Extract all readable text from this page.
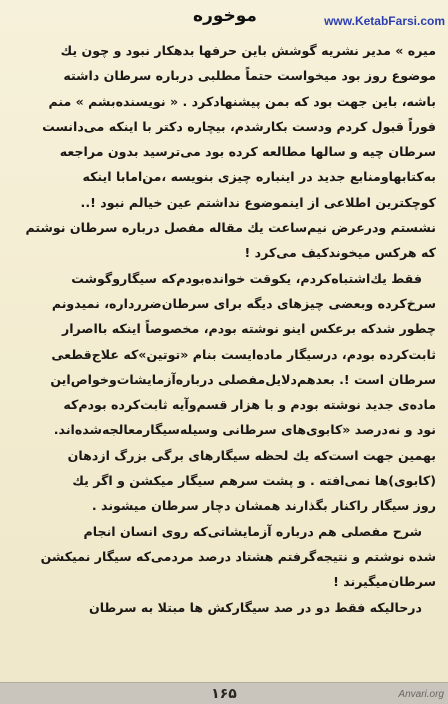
موخوره	www.KetabFarsi.com
میره » مدیر نشریه گوشش باین حرفها بدهکار نبود و چون یك
موضوع روز بود میخواست حتماً مطلبی درباره سرطان داشته
باشه، باین جهت بود که بمن پیشنهادکرد . « نویسنده‌بشم » منم
فوراً قبول کردم ودست بکارشدم، بیچاره دکتر با اینکه می‌دانست
سرطان چیه و سالها مطالعه کرده بود می‌ترسید بدون مراجعه
به‌کتابهاومنابع جدید در اینباره چیزی بنویسه ،من‌امابا اینکه
کوچکترین اطلاعی از اینموضوع نداشتم عین خیالم نبود !..
نشستم ودرعرض نیم‌ساعت یك مقاله مفصل درباره سرطان نوشتم
که هرکس میخوندکیف می‌کرد !
فقط یك‌اشتباه‌کردم، یکوقت خوانده‌بودم‌که سیگاروگوشت
سرخ‌کرده وبعضی چیزهای دیگه برای سرطان‌ضرر‌داره، نمیدونم
چطور شدکه برعکس اینو نوشته بودم، مخصوصاً اینکه بااصرار
ثابت‌کرده بودم، درسیگار ماده‌ایست بنام «توتین»که علاج‌قطعی
سرطان است !. بعدهم‌دلایل‌مفصلی درباره‌آزمایشات‌وخواص‌این
ماده‌ی جدید نوشته بودم و با هزار قسم‌وآیه ثابت‌کرده بودم‌که
نود و نه‌درصد «کابوی‌های سرطانی وسیله‌سیگارمعالجه‌شده‌اند.
بهمین جهت است‌که یك لحظه سیگارهای برگی بزرگ ازدهان
(کابوی)ها نمی‌افته . و پشت سرهم سیگار میکشن و اگر یك
روز سیگار راکنار بگذارند همشان دچار سرطان میشوند .
شرح مفصلی هم درباره آزمایشاتی‌که روی انسان انجام
شده نوشتم و نتیجه‌گرفتم هشتاد درصد مردمی‌که سیگار نمیکشن
سرطان‌میگیرند !
درحالیکه فقط دو در صد سیگارکش ها مبتلا به سرطان
۱۶۵	Anvari.org
